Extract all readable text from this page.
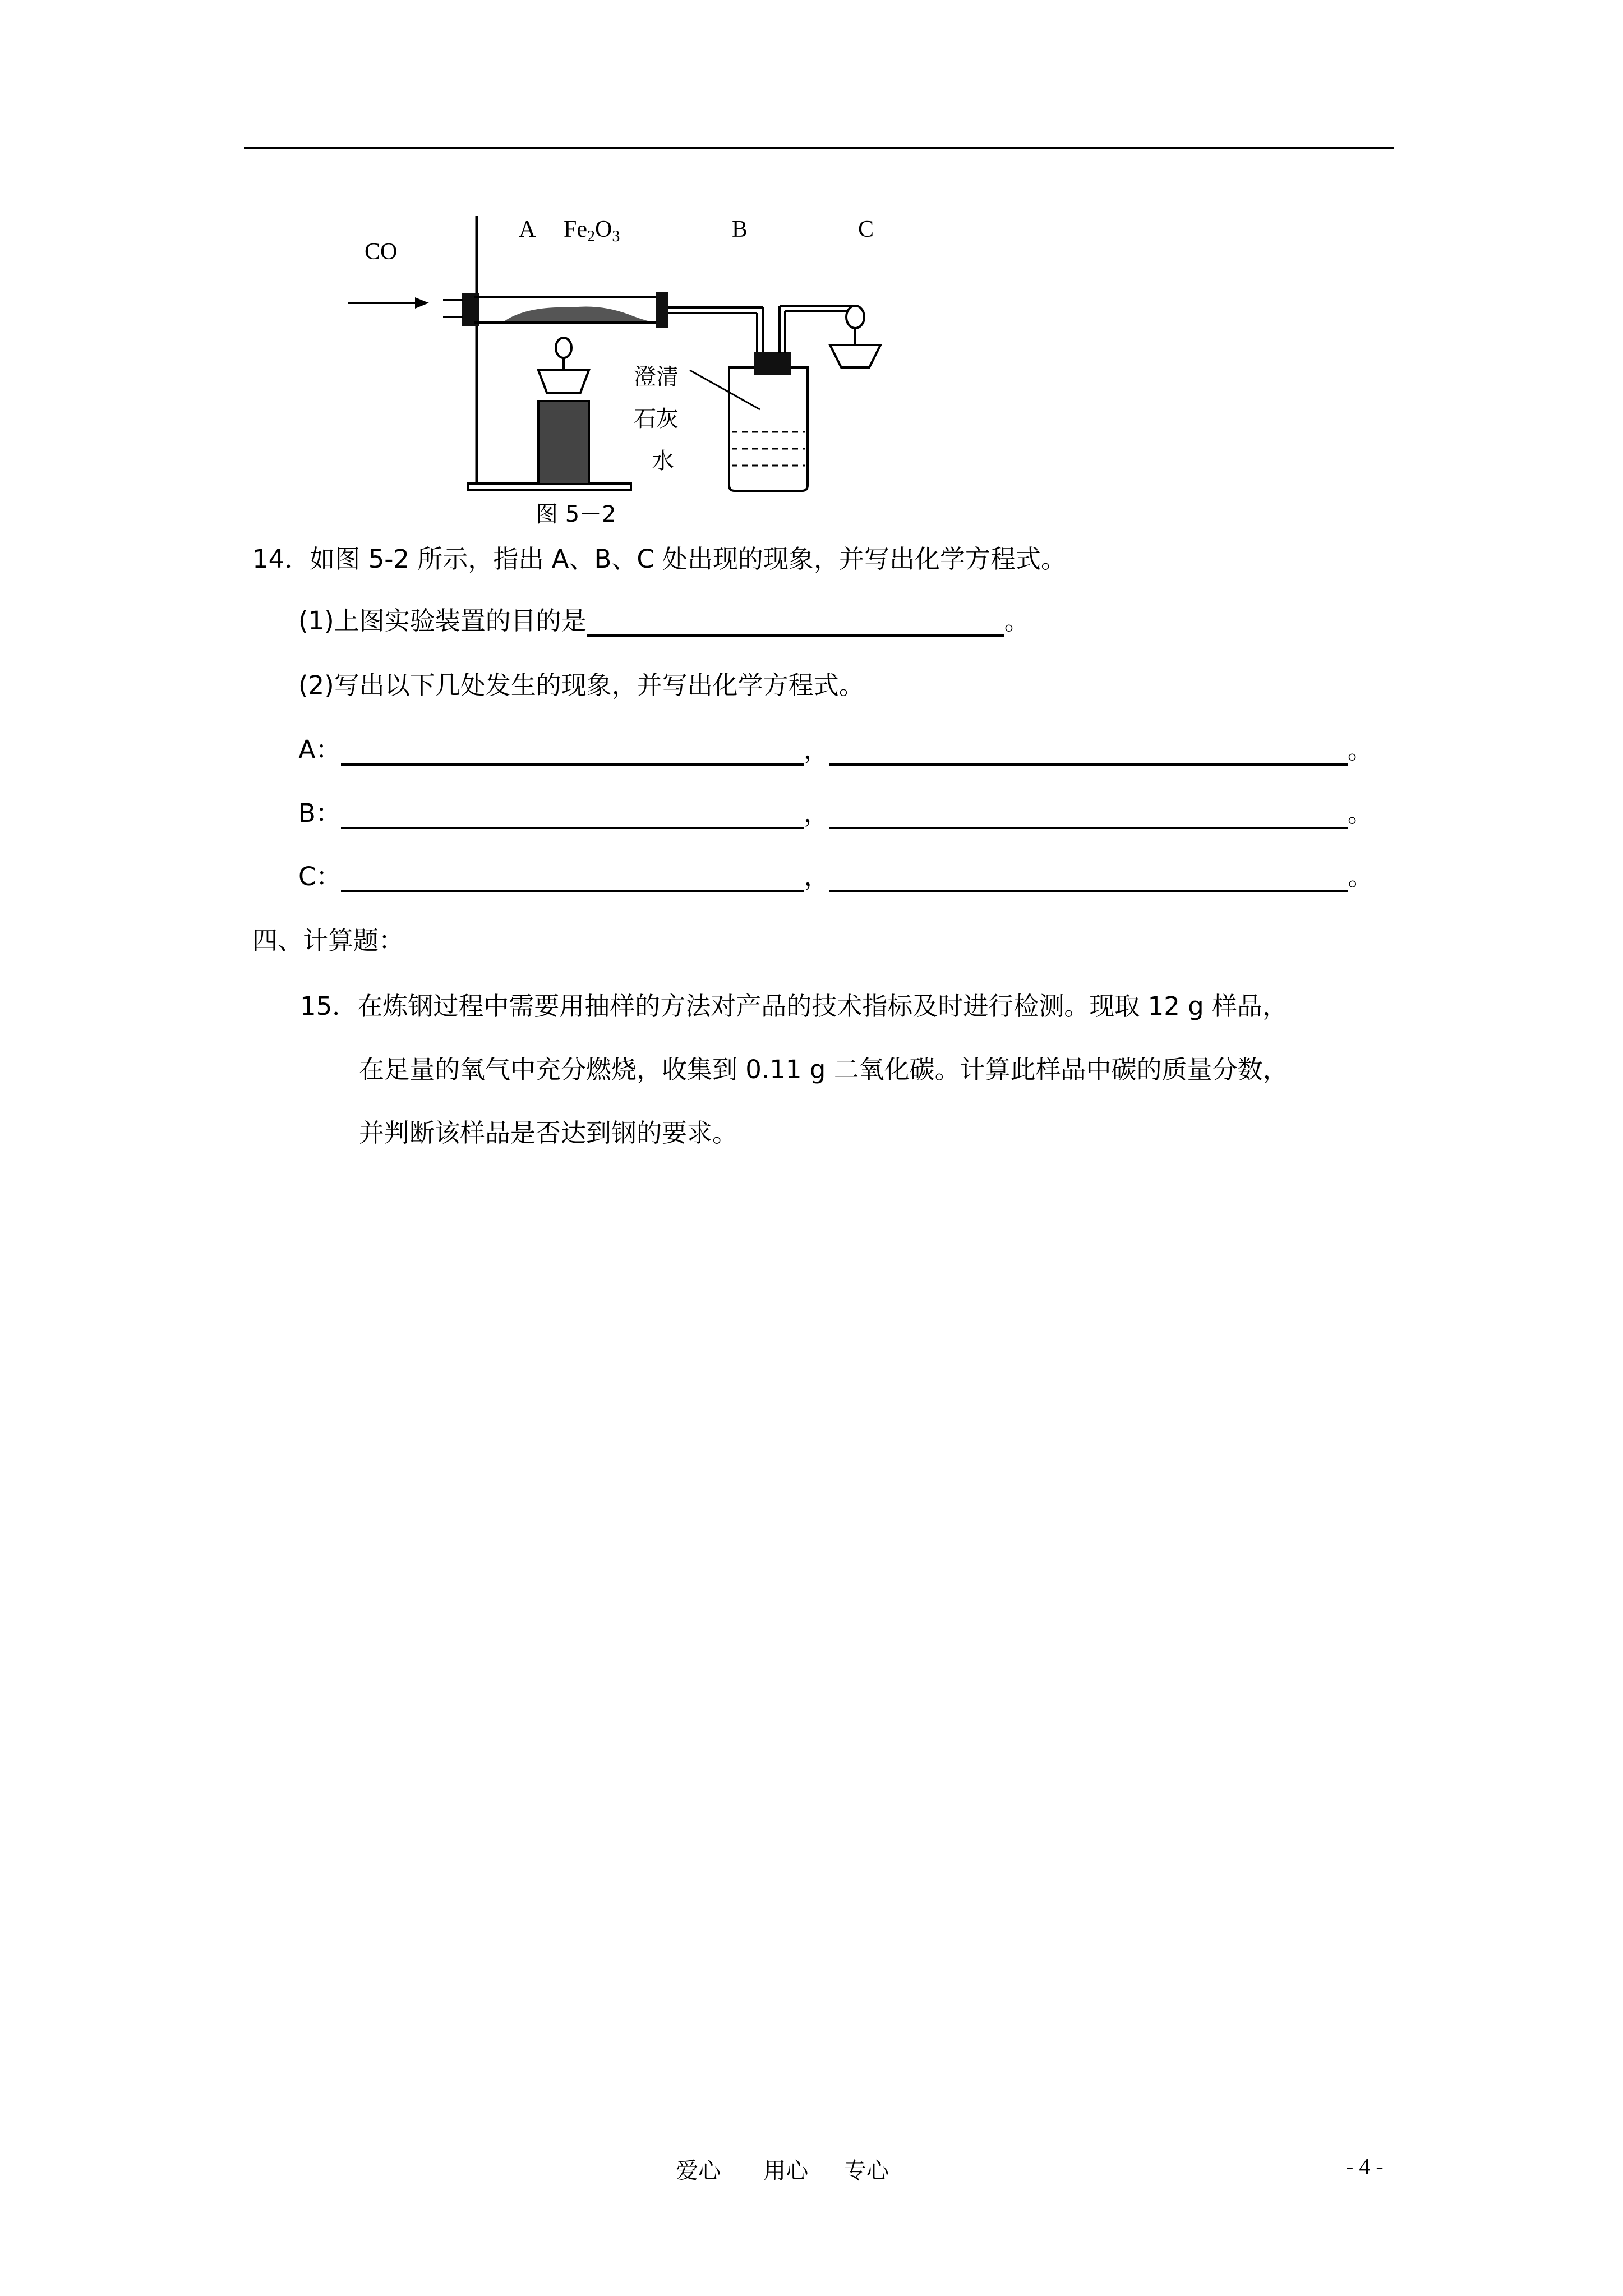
CO
A $Fe_2O_3$	B	C
澄清
石灰
水
图 5－2
14．如图 5-2 所示，指出 A、B、C 处出现的现象，并写出化学方程式。
(1)上图实验装置的目的是	。
(2)写出以下几处发生的现象，并写出化学方程式。
A：	，	。
B：	，	。
C：	，	。
四、计算题：
15．在炼钢过程中需要用抽样的方法对产品的技术指标及时进行检测。现取 12 g 样品，
在足量的氧气中充分燃烧，收集到 0.11 g 二氧化碳。计算此样品中碳的质量分数，
并判断该样品是否达到钢的要求。
爱心      用心     专心	- 4 -
